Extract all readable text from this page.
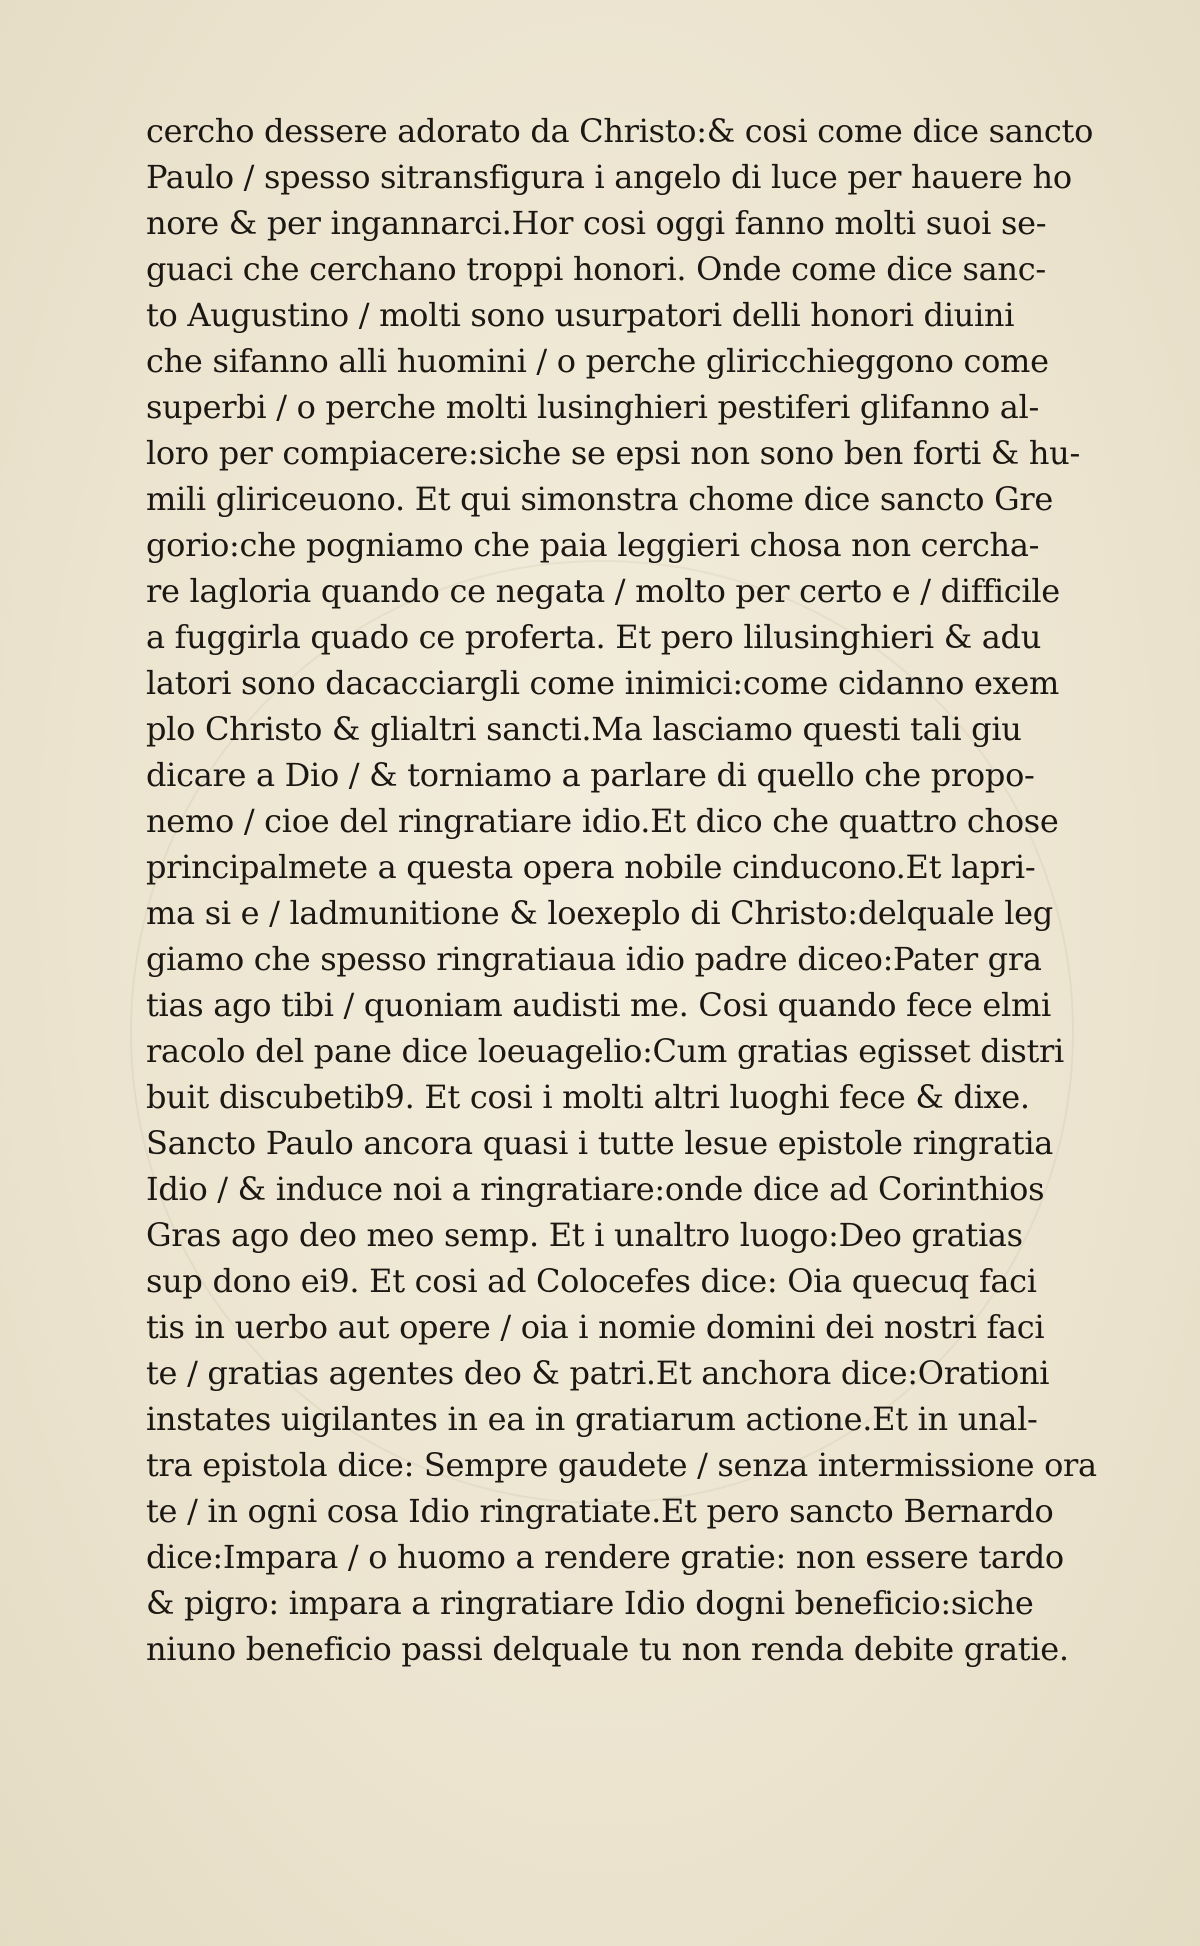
cercho dessere adorato da Christo:& cosi come dice sancto
Paulo / spesso sitransfigura i angelo di luce per hauere ho
nore & per ingannarci.Hor cosi oggi fanno molti suoi se-
guaci che cerchano troppi honori. Onde come dice sanc-
to Augustino / molti sono usurpatori delli honori diuini
che sifanno alli huomini / o perche gliricchieggono come
superbi / o perche molti lusinghieri pestiferi glifanno al-
loro per compiacere:siche se epsi non sono ben forti & hu-
mili gliriceuono. Et qui simonstra chome dice sancto Gre
gorio:che pogniamo che paia leggieri chosa non cercha-
re lagloria quando ce negata / molto per certo e / difficile
a fuggirla quado ce proferta. Et pero lilusinghieri & adu
latori sono dacacciargli come inimici:come cidanno exem
plo Christo & glialtri sancti.Ma lasciamo questi tali giu
dicare a Dio / & torniamo a parlare di quello che propo-
nemo / cioe del ringratiare idio.Et dico che quattro chose
principalmete a questa opera nobile cinducono.Et lapri-
ma si e / ladmunitione & loexeplo di Christo:delquale leg
giamo che spesso ringratiaua idio padre diceo:Pater gra
tias ago tibi / quoniam audisti me. Cosi quando fece elmi
racolo del pane dice loeuagelio:Cum gratias egisset distri
buit discubetib9. Et cosi i molti altri luoghi fece & dixe.
Sancto Paulo ancora quasi i tutte lesue epistole ringratia
Idio / & induce noi a ringratiare:onde dice ad Corinthios
Gras ago deo meo semp. Et i unaltro luogo:Deo gratias
sup dono ei9. Et cosi ad Colocefes dice: Oia quecuq faci
tis in uerbo aut opere / oia i nomie domini dei nostri faci
te / gratias agentes deo & patri.Et anchora dice:Orationi
instates uigilantes in ea in gratiarum actione.Et in unal-
tra epistola dice: Sempre gaudete / senza intermissione ora
te / in ogni cosa Idio ringratiate.Et pero sancto Bernardo
dice:Impara / o huomo a rendere gratie: non essere tardo
& pigro: impara a ringratiare Idio dogni beneficio:siche
niuno beneficio passi delquale tu non renda debite gratie.
